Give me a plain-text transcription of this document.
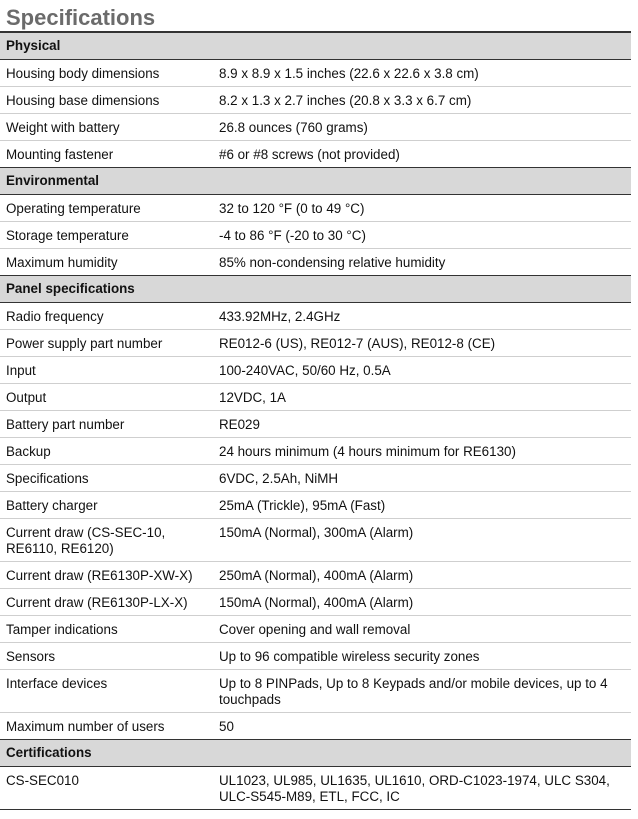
Specifications
Physical	
Housing body dimensions	8.9 x 8.9 x 1.5 inches (22.6 x 22.6 x 3.8 cm)
Housing base dimensions	8.2 x 1.3 x 2.7 inches (20.8 x 3.3 x 6.7 cm)
Weight with battery	26.8 ounces (760 grams)
Mounting fastener	#6 or #8 screws (not provided)
Environmental	
Operating temperature	32 to 120 °F (0 to 49 °C)
Storage temperature	-4 to 86 °F (-20 to 30 °C)
Maximum humidity	85% non-condensing relative humidity
Panel specifications	
Radio frequency	433.92MHz, 2.4GHz
Power supply part number	RE012-6 (US), RE012-7 (AUS), RE012-8 (CE)
Input	100-240VAC, 50/60 Hz, 0.5A
Output	12VDC, 1A
Battery part number	RE029
Backup	24 hours minimum (4 hours minimum for RE6130)
Specifications	6VDC, 2.5Ah, NiMH
Battery charger	25mA (Trickle), 95mA (Fast)
Current draw (CS-SEC-10, RE6110, RE6120)	150mA (Normal), 300mA (Alarm)
Current draw (RE6130P-XW-X)	250mA (Normal), 400mA (Alarm)
Current draw (RE6130P-LX-X)	150mA (Normal), 400mA (Alarm)
Tamper indications	Cover opening and wall removal
Sensors	Up to 96 compatible wireless security zones
Interface devices	Up to 8 PINPads, Up to 8 Keypads and/or mobile devices, up to 4 touchpads
Maximum number of users	50
Certifications	
CS-SEC010	UL1023, UL985, UL1635, UL1610, ORD-C1023-1974, ULC S304, ULC-S545-M89, ETL, FCC, IC
